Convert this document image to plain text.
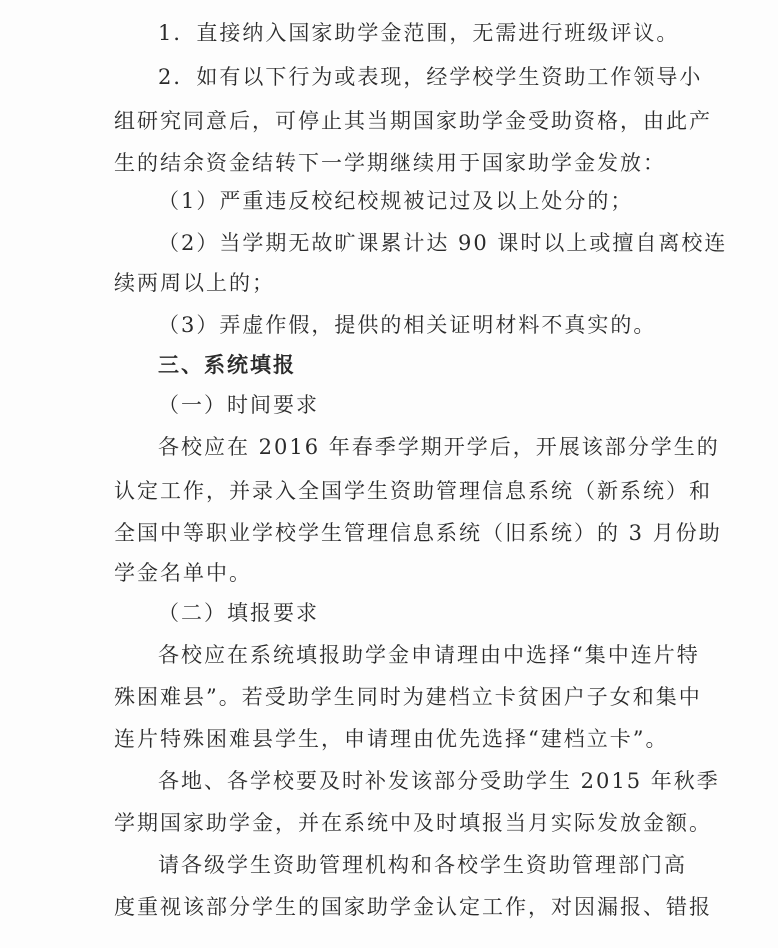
1．直接纳入国家助学金范围，无需进行班级评议。
2．如有以下行为或表现，经学校学生资助工作领导小
组研究同意后，可停止其当期国家助学金受助资格，由此产
生的结余资金结转下一学期继续用于国家助学金发放：
（1）严重违反校纪校规被记过及以上处分的；
（2）当学期无故旷课累计达 90 课时以上或擅自离校连
续两周以上的；
（3）弄虚作假，提供的相关证明材料不真实的。
三、系统填报
（一）时间要求
各校应在 2016 年春季学期开学后，开展该部分学生的
认定工作，并录入全国学生资助管理信息系统（新系统）和
全国中等职业学校学生管理信息系统（旧系统）的 3 月份助
学金名单中。
（二）填报要求
各校应在系统填报助学金申请理由中选择“集中连片特
殊困难县”。若受助学生同时为建档立卡贫困户子女和集中
连片特殊困难县学生，申请理由优先选择“建档立卡”。
各地、各学校要及时补发该部分受助学生 2015 年秋季
学期国家助学金，并在系统中及时填报当月实际发放金额。
请各级学生资助管理机构和各校学生资助管理部门高
度重视该部分学生的国家助学金认定工作，对因漏报、错报
